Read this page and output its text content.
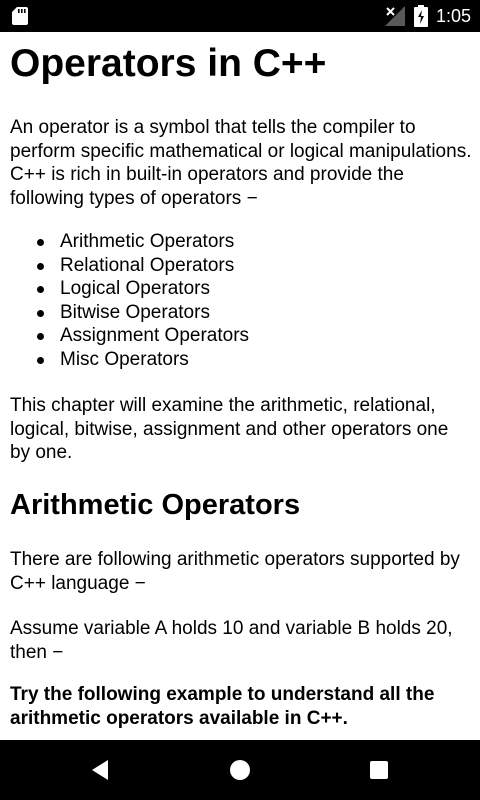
1:05
Operators in C++

An operator is a symbol that tells the compiler to perform specific mathematical or logical manipulations. C++ is rich in built-in operators and provide the following types of operators −

Arithmetic Operators
Relational Operators
Logical Operators
Bitwise Operators
Assignment Operators
Misc Operators

This chapter will examine the arithmetic, relational, logical, bitwise, assignment and other operators one by one.

Arithmetic Operators

There are following arithmetic operators supported by C++ language −

Assume variable A holds 10 and variable B holds 20, then −

Try the following example to understand all the arithmetic operators available in C++.
